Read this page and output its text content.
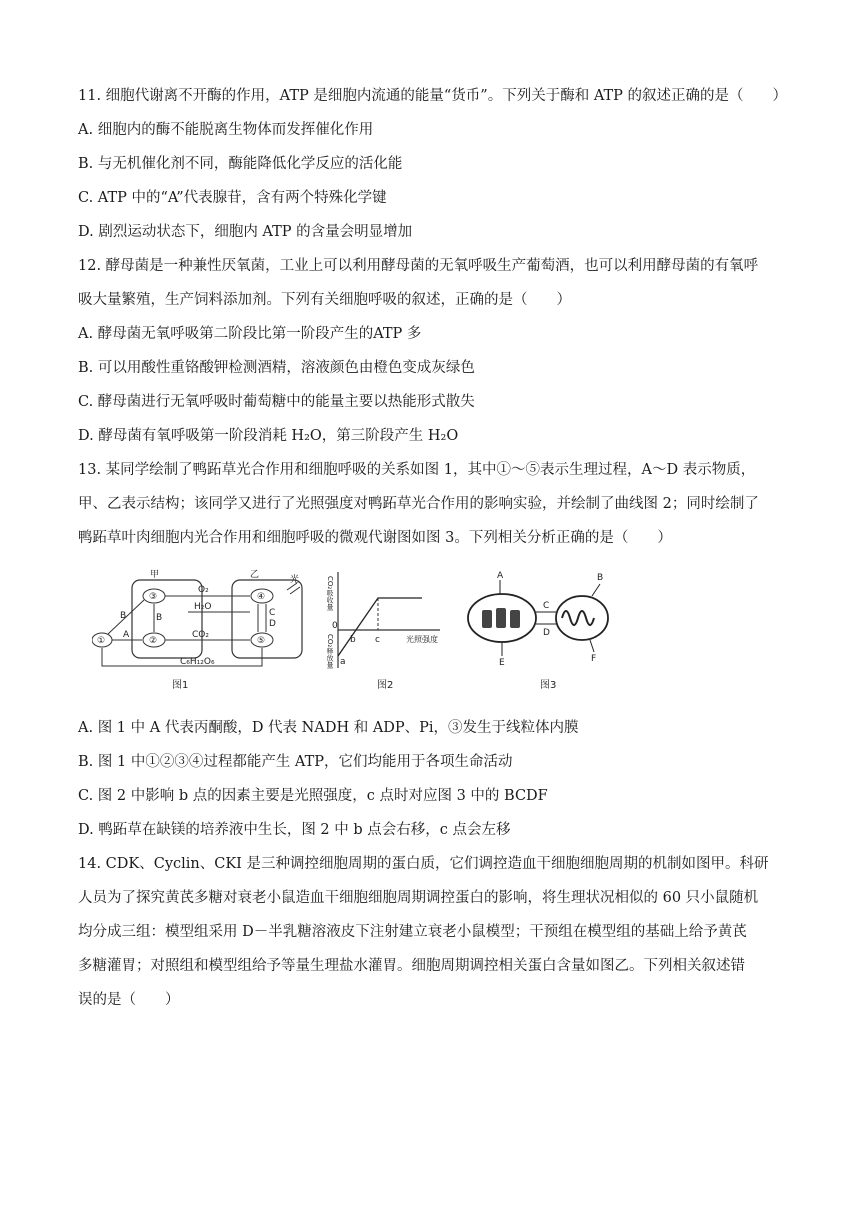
11. 细胞代谢离不开酶的作用，ATP 是细胞内流通的能量“货币”。下列关于酶和 ATP 的叙述正确的是（　　）
A. 细胞内的酶不能脱离生物体而发挥催化作用
B. 与无机催化剂不同，酶能降低化学反应的活化能
C. ATP 中的“A”代表腺苷，含有两个特殊化学键
D. 剧烈运动状态下，细胞内 ATP 的含量会明显增加
12. 酵母菌是一种兼性厌氧菌，工业上可以利用酵母菌的无氧呼吸生产葡萄酒，也可以利用酵母菌的有氧呼
吸大量繁殖，生产饲料添加剂。下列有关细胞呼吸的叙述，正确的是（　　）
A. 酵母菌无氧呼吸第二阶段比第一阶段产生的ATP 多
B. 可以用酸性重铬酸钾检测酒精，溶液颜色由橙色变成灰绿色
C. 酵母菌进行无氧呼吸时葡萄糖中的能量主要以热能形式散失
D. 酵母菌有氧呼吸第一阶段消耗 H₂O，第三阶段产生 H₂O
13. 某同学绘制了鸭跖草光合作用和细胞呼吸的关系如图 1，其中①～⑤表示生理过程，A～D 表示物质，
甲、乙表示结构；该同学又进行了光照强度对鸭跖草光合作用的影响实验，并绘制了曲线图 2；同时绘制了
鸭跖草叶肉细胞内光合作用和细胞呼吸的微观代谢图如图 3。下列相关分析正确的是（　　）
甲	乙	光
③
②
④
⑤
①
A
B	B
O₂
H₂O
CO₂
C
D
C₆H₁₂O₆
图1
CO₂吸收量
CO₂释放量
0
光照强度
a
b c
图2
A
E
C
D
B
F
图3
A. 图 1 中 A 代表丙酮酸，D 代表 NADH 和 ADP、Pi，③发生于线粒体内膜
B. 图 1 中①②③④过程都能产生 ATP，它们均能用于各项生命活动
C. 图 2 中影响 b 点的因素主要是光照强度，c 点时对应图 3 中的 BCDF
D. 鸭跖草在缺镁的培养液中生长，图 2 中 b 点会右移，c 点会左移
14. CDK、Cyclin、CKI 是三种调控细胞周期的蛋白质，它们调控造血干细胞细胞周期的机制如图甲。科研
人员为了探究黄芪多糖对衰老小鼠造血干细胞细胞周期调控蛋白的影响，将生理状况相似的 60 只小鼠随机
均分成三组：模型组采用 D－半乳糖溶液皮下注射建立衰老小鼠模型；干预组在模型组的基础上给予黄芪
多糖灌胃；对照组和模型组给予等量生理盐水灌胃。细胞周期调控相关蛋白含量如图乙。下列相关叙述错
误的是（　　）
